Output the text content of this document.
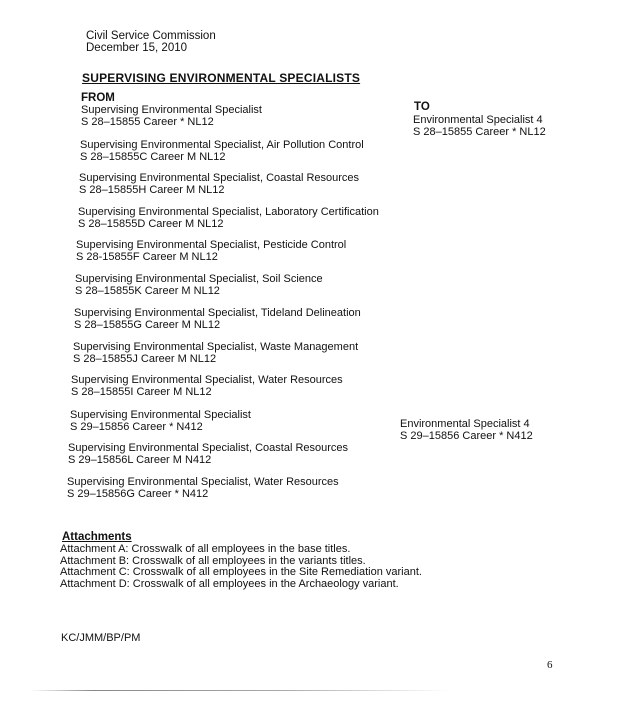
Civil Service Commission
December 15, 2010
SUPERVISING ENVIRONMENTAL SPECIALISTS
FROM
TO
Supervising Environmental Specialist
S 28–15855 Career * NL12
Supervising Environmental Specialist, Air Pollution Control
S 28–15855C Career M NL12
Supervising Environmental Specialist, Coastal Resources
S 28–15855H Career M NL12
Supervising Environmental Specialist, Laboratory Certification
S 28–15855D Career M NL12
Supervising Environmental Specialist, Pesticide Control
S 28-15855F Career M NL12
Supervising Environmental Specialist, Soil Science
S 28–15855K Career M NL12
Supervising Environmental Specialist, Tideland Delineation
S 28–15855G Career M NL12
Supervising Environmental Specialist, Waste Management
S 28–15855J Career M NL12
Supervising Environmental Specialist, Water Resources
S 28–15855I Career M NL12
Supervising Environmental Specialist
S 29–15856 Career * N412
Supervising Environmental Specialist, Coastal Resources
S 29–15856L Career M N412
Supervising Environmental Specialist, Water Resources
S 29–15856G Career * N412
Environmental Specialist 4
S 28–15855 Career * NL12
Environmental Specialist 4
S 29–15856 Career * N412
Attachments
Attachment A: Crosswalk of all employees in the base titles.
Attachment B: Crosswalk of all employees in the variants titles.
Attachment C: Crosswalk of all employees in the Site Remediation variant.
Attachment D: Crosswalk of all employees in the Archaeology variant.
KC/JMM/BP/PM
6
